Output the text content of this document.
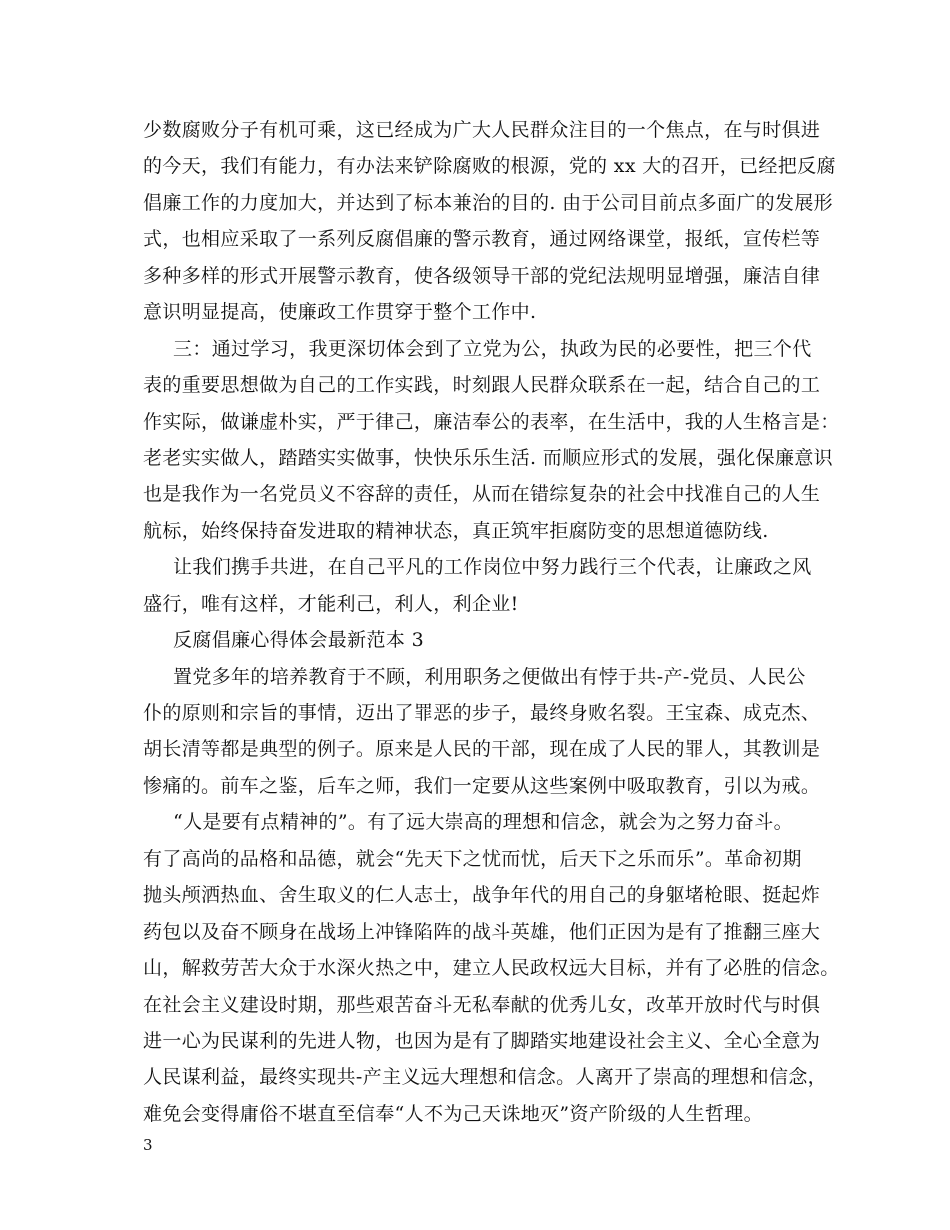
少数腐败分子有机可乘，这已经成为广大人民群众注目的一个焦点，在与时俱进
的今天，我们有能力，有办法来铲除腐败的根源，党的 xx 大的召开，已经把反腐
倡廉工作的力度加大，并达到了标本兼治的目的. 由于公司目前点多面广的发展形
式，也相应采取了一系列反腐倡廉的警示教育，通过网络课堂，报纸，宣传栏等
多种多样的形式开展警示教育，使各级领导干部的党纪法规明显增强，廉洁自律
意识明显提高，使廉政工作贯穿于整个工作中.
三：通过学习，我更深切体会到了立党为公，执政为民的必要性，把三个代
表的重要思想做为自己的工作实践，时刻跟人民群众联系在一起，结合自己的工
作实际，做谦虚朴实，严于律己，廉洁奉公的表率，在生活中，我的人生格言是：
老老实实做人，踏踏实实做事，快快乐乐生活. 而顺应形式的发展，强化保廉意识
也是我作为一名党员义不容辞的责任，从而在错综复杂的社会中找准自己的人生
航标，始终保持奋发进取的精神状态，真正筑牢拒腐防变的思想道德防线.
让我们携手共进，在自己平凡的工作岗位中努力践行三个代表，让廉政之风
盛行，唯有这样，才能利己，利人，利企业!
反腐倡廉心得体会最新范本 3
置党多年的培养教育于不顾，利用职务之便做出有悖于共-产-党员、人民公
仆的原则和宗旨的事情，迈出了罪恶的步子，最终身败名裂。王宝森、成克杰、
胡长清等都是典型的例子。原来是人民的干部，现在成了人民的罪人，其教训是
惨痛的。前车之鉴，后车之师，我们一定要从这些案例中吸取教育，引以为戒。
“人是要有点精神的”。有了远大崇高的理想和信念，就会为之努力奋斗。
有了高尚的品格和品德，就会“先天下之忧而忧，后天下之乐而乐”。革命初期
抛头颅洒热血、舍生取义的仁人志士，战争年代的用自己的身躯堵枪眼、挺起炸
药包以及奋不顾身在战场上冲锋陷阵的战斗英雄，他们正因为是有了推翻三座大
山，解救劳苦大众于水深火热之中，建立人民政权远大目标，并有了必胜的信念。
在社会主义建设时期，那些艰苦奋斗无私奉献的优秀儿女，改革开放时代与时俱
进一心为民谋利的先进人物，也因为是有了脚踏实地建设社会主义、全心全意为
人民谋利益，最终实现共-产主义远大理想和信念。人离开了崇高的理想和信念，
难免会变得庸俗不堪直至信奉“人不为己天诛地灭”资产阶级的人生哲理。
3
